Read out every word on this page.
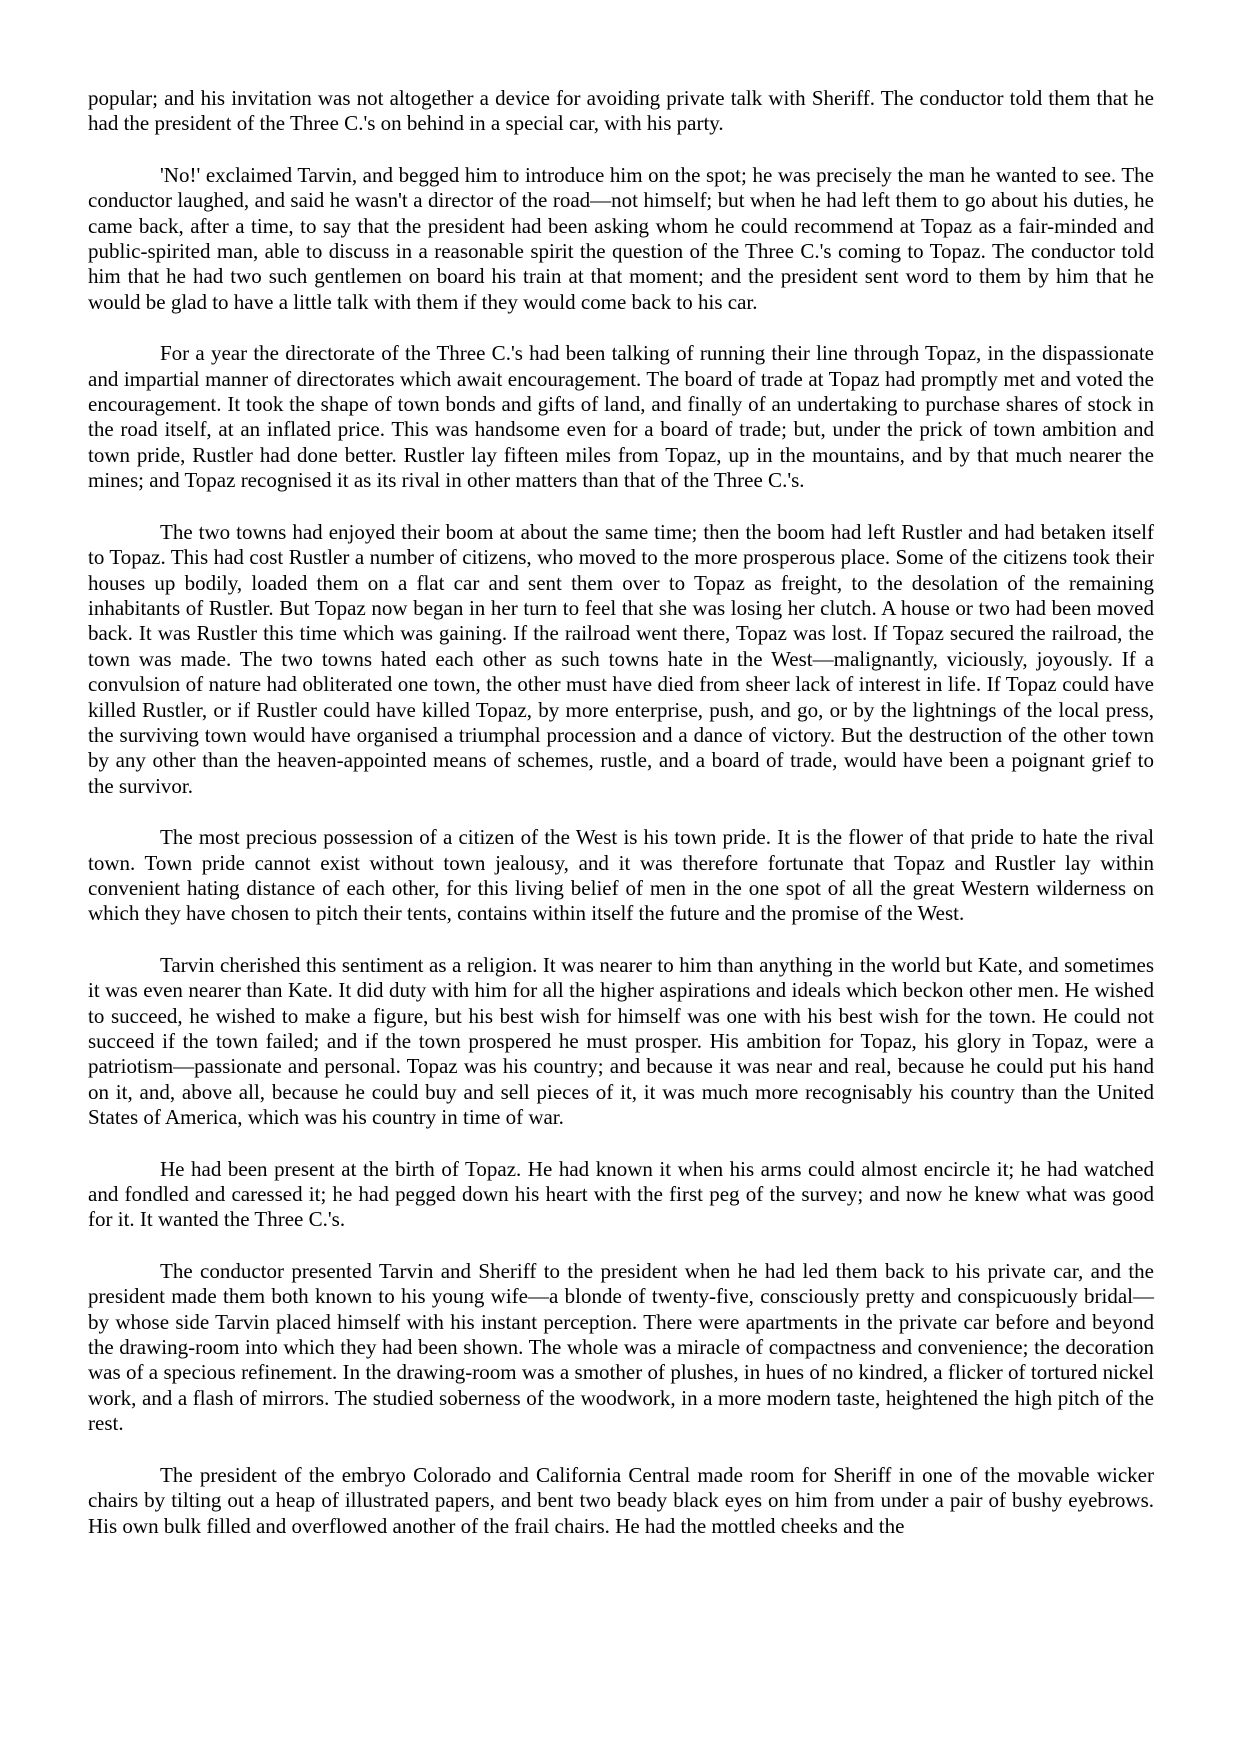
popular; and his invitation was not altogether a device for avoiding private talk with Sheriff. The conductor told them that he had the president of the Three C.'s on behind in a special car, with his party.

'No!' exclaimed Tarvin, and begged him to introduce him on the spot; he was precisely the man he wanted to see. The conductor laughed, and said he wasn't a director of the road—not himself; but when he had left them to go about his duties, he came back, after a time, to say that the president had been asking whom he could recommend at Topaz as a fair-minded and public-spirited man, able to discuss in a reasonable spirit the question of the Three C.'s coming to Topaz. The conductor told him that he had two such gentlemen on board his train at that moment; and the president sent word to them by him that he would be glad to have a little talk with them if they would come back to his car.

For a year the directorate of the Three C.'s had been talking of running their line through Topaz, in the dispassionate and impartial manner of directorates which await encouragement. The board of trade at Topaz had promptly met and voted the encouragement. It took the shape of town bonds and gifts of land, and finally of an undertaking to purchase shares of stock in the road itself, at an inflated price. This was handsome even for a board of trade; but, under the prick of town ambition and town pride, Rustler had done better. Rustler lay fifteen miles from Topaz, up in the mountains, and by that much nearer the mines; and Topaz recognised it as its rival in other matters than that of the Three C.'s.

The two towns had enjoyed their boom at about the same time; then the boom had left Rustler and had betaken itself to Topaz. This had cost Rustler a number of citizens, who moved to the more prosperous place. Some of the citizens took their houses up bodily, loaded them on a flat car and sent them over to Topaz as freight, to the desolation of the remaining inhabitants of Rustler. But Topaz now began in her turn to feel that she was losing her clutch. A house or two had been moved back. It was Rustler this time which was gaining. If the railroad went there, Topaz was lost. If Topaz secured the railroad, the town was made. The two towns hated each other as such towns hate in the West—malignantly, viciously, joyously. If a convulsion of nature had obliterated one town, the other must have died from sheer lack of interest in life. If Topaz could have killed Rustler, or if Rustler could have killed Topaz, by more enterprise, push, and go, or by the lightnings of the local press, the surviving town would have organised a triumphal procession and a dance of victory. But the destruction of the other town by any other than the heaven-appointed means of schemes, rustle, and a board of trade, would have been a poignant grief to the survivor.

The most precious possession of a citizen of the West is his town pride. It is the flower of that pride to hate the rival town. Town pride cannot exist without town jealousy, and it was therefore fortunate that Topaz and Rustler lay within convenient hating distance of each other, for this living belief of men in the one spot of all the great Western wilderness on which they have chosen to pitch their tents, contains within itself the future and the promise of the West.

Tarvin cherished this sentiment as a religion. It was nearer to him than anything in the world but Kate, and sometimes it was even nearer than Kate. It did duty with him for all the higher aspirations and ideals which beckon other men. He wished to succeed, he wished to make a figure, but his best wish for himself was one with his best wish for the town. He could not succeed if the town failed; and if the town prospered he must prosper. His ambition for Topaz, his glory in Topaz, were a patriotism—passionate and personal. Topaz was his country; and because it was near and real, because he could put his hand on it, and, above all, because he could buy and sell pieces of it, it was much more recognisably his country than the United States of America, which was his country in time of war.

He had been present at the birth of Topaz. He had known it when his arms could almost encircle it; he had watched and fondled and caressed it; he had pegged down his heart with the first peg of the survey; and now he knew what was good for it. It wanted the Three C.'s.

The conductor presented Tarvin and Sheriff to the president when he had led them back to his private car, and the president made them both known to his young wife—a blonde of twenty-five, consciously pretty and conspicuously bridal—by whose side Tarvin placed himself with his instant perception. There were apartments in the private car before and beyond the drawing-room into which they had been shown. The whole was a miracle of compactness and convenience; the decoration was of a specious refinement. In the drawing-room was a smother of plushes, in hues of no kindred, a flicker of tortured nickel work, and a flash of mirrors. The studied soberness of the woodwork, in a more modern taste, heightened the high pitch of the rest.

The president of the embryo Colorado and California Central made room for Sheriff in one of the movable wicker chairs by tilting out a heap of illustrated papers, and bent two beady black eyes on him from under a pair of bushy eyebrows. His own bulk filled and overflowed another of the frail chairs. He had the mottled cheeks and the
